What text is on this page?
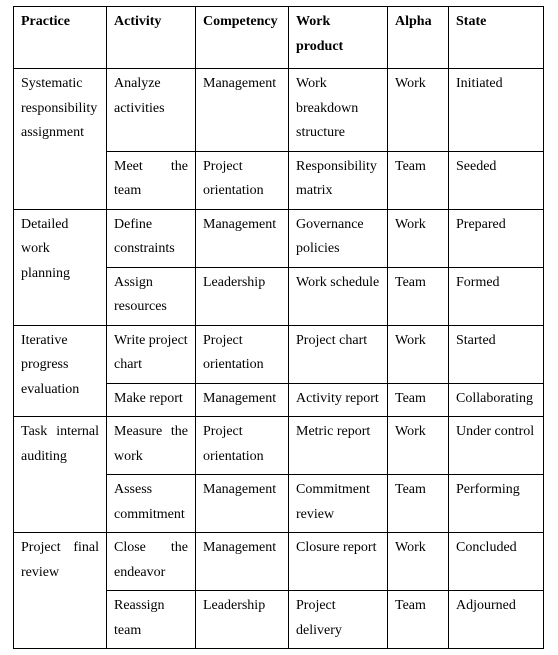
Practice	Activity	Competency	Work product	Alpha	State
Systematic responsibility assignment	Analyze activities	Management	Work breakdown structure	Work	Initiated
	Meet the team	Project orientation	Responsibility matrix	Team	Seeded
Detailed work planning	Define constraints	Management	Governance policies	Work	Prepared
	Assign resources	Leadership	Work schedule	Team	Formed
Iterative progress evaluation	Write project chart	Project orientation	Project chart	Work	Started
	Make report	Management	Activity report	Team	Collaborating
Task internal auditing	Measure the work	Project orientation	Metric report	Work	Under control
	Assess commitment	Management	Commitment review	Team	Performing
Project final review	Close the endeavor	Management	Closure report	Work	Concluded
	Reassign team	Leadership	Project delivery	Team	Adjourned
